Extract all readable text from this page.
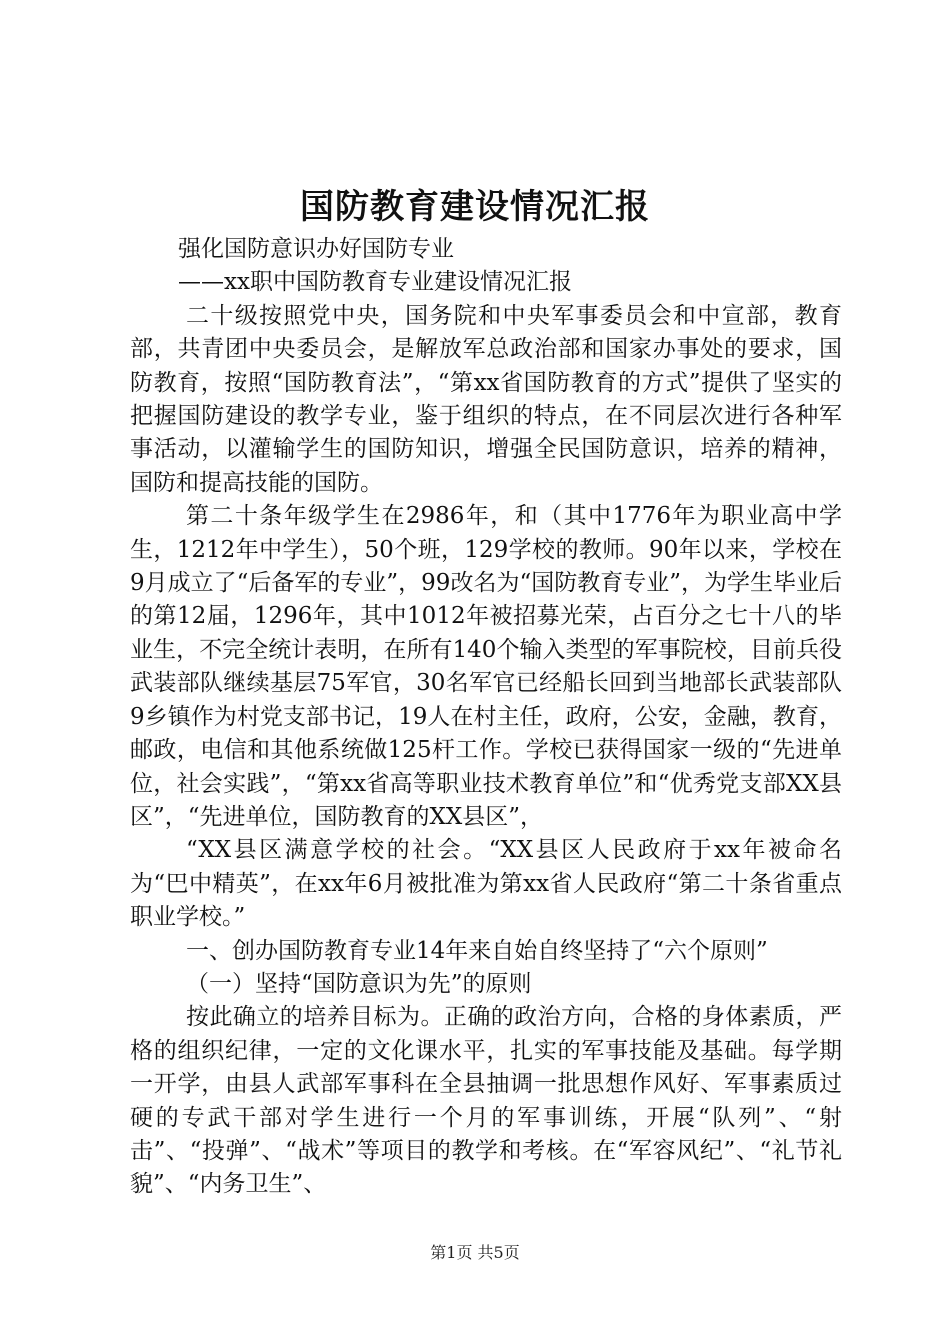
国防教育建设情况汇报

强化国防意识办好国防专业

——xx职中国防教育专业建设情况汇报

二十级按照党中央，国务院和中央军事委员会和中宣部，教育部，共青团中央委员会，是解放军总政治部和国家办事处的要求，国防教育，按照“国防教育法”，“第xx省国防教育的方式”提供了坚实的把握国防建设的教学专业，鉴于组织的特点，在不同层次进行各种军事活动，以灌输学生的国防知识，增强全民国防意识，培养的精神，国防和提高技能的国防。

第二十条年级学生在2986年，和（其中1776年为职业高中学生，1212年中学生），50个班，129学校的教师。90年以来，学校在9月成立了“后备军的专业”，99改名为“国防教育专业”，为学生毕业后的第12届，1296年，其中1012年被招募光荣，占百分之七十八的毕业生，不完全统计表明，在所有140个输入类型的军事院校，目前兵役武装部队继续基层75军官，30名军官已经船长回到当地部长武装部队9乡镇作为村党支部书记，19人在村主任，政府，公安，金融，教育，邮政，电信和其他系统做125杆工作。学校已获得国家一级的“先进单位，社会实践”，“第xx省高等职业技术教育单位”和“优秀党支部XX县区”，“先进单位，国防教育的XX县区”，

“XX县区满意学校的社会。“XX县区人民政府于xx年被命名为“巴中精英”，在xx年6月被批准为第xx省人民政府“第二十条省重点职业学校。”

一、创办国防教育专业14年来自始自终坚持了“六个原则”

（一）坚持“国防意识为先”的原则

按此确立的培养目标为。正确的政治方向，合格的身体素质，严格的组织纪律，一定的文化课水平，扎实的军事技能及基础。每学期一开学，由县人武部军事科在全县抽调一批思想作风好、军事素质过硬的专武干部对学生进行一个月的军事训练，开展“队列”、“射击”、“投弹”、“战术”等项目的教学和考核。在“军容风纪”、“礼节礼貌”、“内务卫生”、

第1页 共5页
